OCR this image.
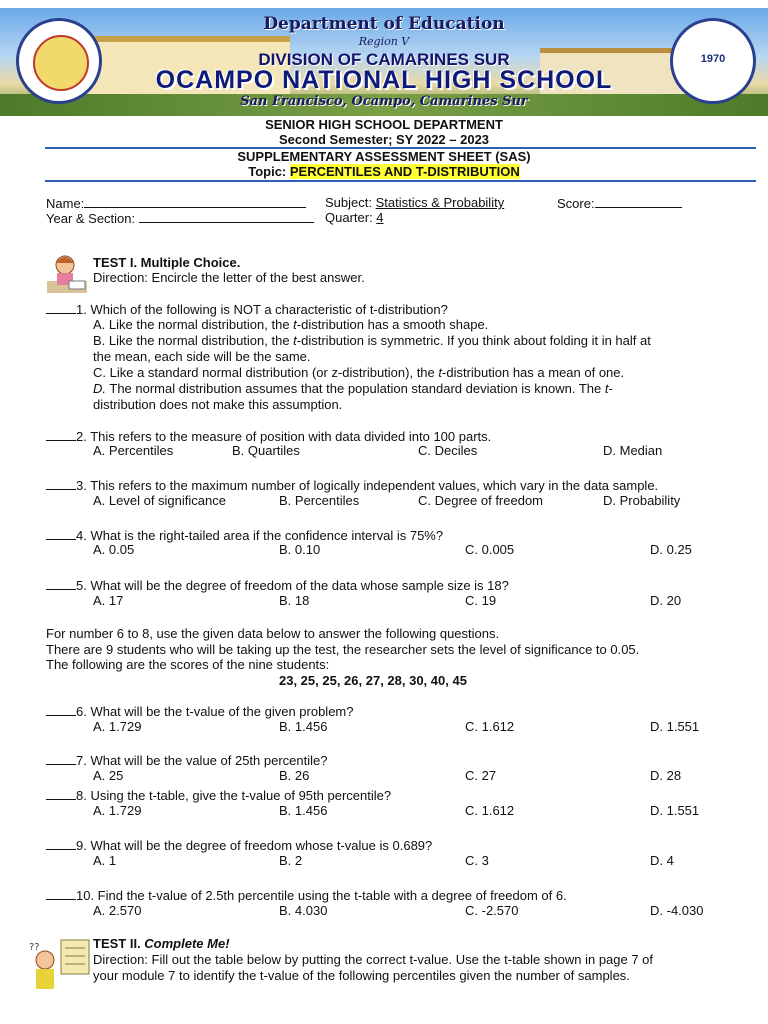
1970
Department of Education
Region V
DIVISION OF CAMARINES SUR
OCAMPO NATIONAL HIGH SCHOOL
San Francisco, Ocampo, Camarines Sur
SENIOR HIGH SCHOOL DEPARTMENT
Second Semester; SY 2022 – 2023
SUPPLEMENTARY ASSESSMENT SHEET (SAS)
Topic: PERCENTILES AND T-DISTRIBUTION
Name:
Year & Section:
Subject: Statistics & Probability
Quarter: 4
Score:
TEST I. Multiple Choice.
Direction: Encircle the letter of the best answer.
1. Which of the following is NOT a characteristic of t-distribution?
A. Like the normal distribution, the t-distribution has a smooth shape.
B. Like the normal distribution, the t-distribution is symmetric. If you think about folding it in half at
the mean, each side will be the same.
C. Like a standard normal distribution (or z-distribution), the t-distribution has a mean of one.
D. The normal distribution assumes that the population standard deviation is known. The t-
distribution does not make this assumption.
2. This refers to the measure of position with data divided into 100 parts.
A. Percentiles	B. Quartiles	C. Deciles	D. Median
3. This refers to the maximum number of logically independent values, which vary in the data sample.
A. Level of significance	B. Percentiles	C. Degree of freedom	D. Probability
4. What is the right-tailed area if the confidence interval is 75%?
A. 0.05	B. 0.10	C. 0.005	D. 0.25
5. What will be the degree of freedom of the data whose sample size is 18?
A. 17	B. 18	C. 19	D. 20
For number 6 to 8, use the given data below to answer the following questions.
There are 9 students who will be taking up the test, the researcher sets the level of significance to 0.05.
The following are the scores of the nine students:
23, 25, 25, 26, 27, 28, 30, 40, 45
6. What will be the t-value of the given problem?
A. 1.729	B. 1.456	C. 1.612	D. 1.551
7. What will be the value of 25th percentile?
A. 25	B. 26	C. 27	D. 28
8. Using the t-table, give the t-value of 95th percentile?
A. 1.729	B. 1.456	C. 1.612	D. 1.551
9. What will be the degree of freedom whose t-value is 0.689?
A. 1	B. 2	C. 3	D. 4
10. Find the t-value of 2.5th percentile using the t-table with a degree of freedom of 6.
A. 2.570	B. 4.030	C. -2.570	D. -4.030
??	TEST II. Complete Me!
Direction: Fill out the table below by putting the correct t-value. Use the t-table shown in page 7 of
your module 7 to identify the t-value of the following percentiles given the number of samples.
